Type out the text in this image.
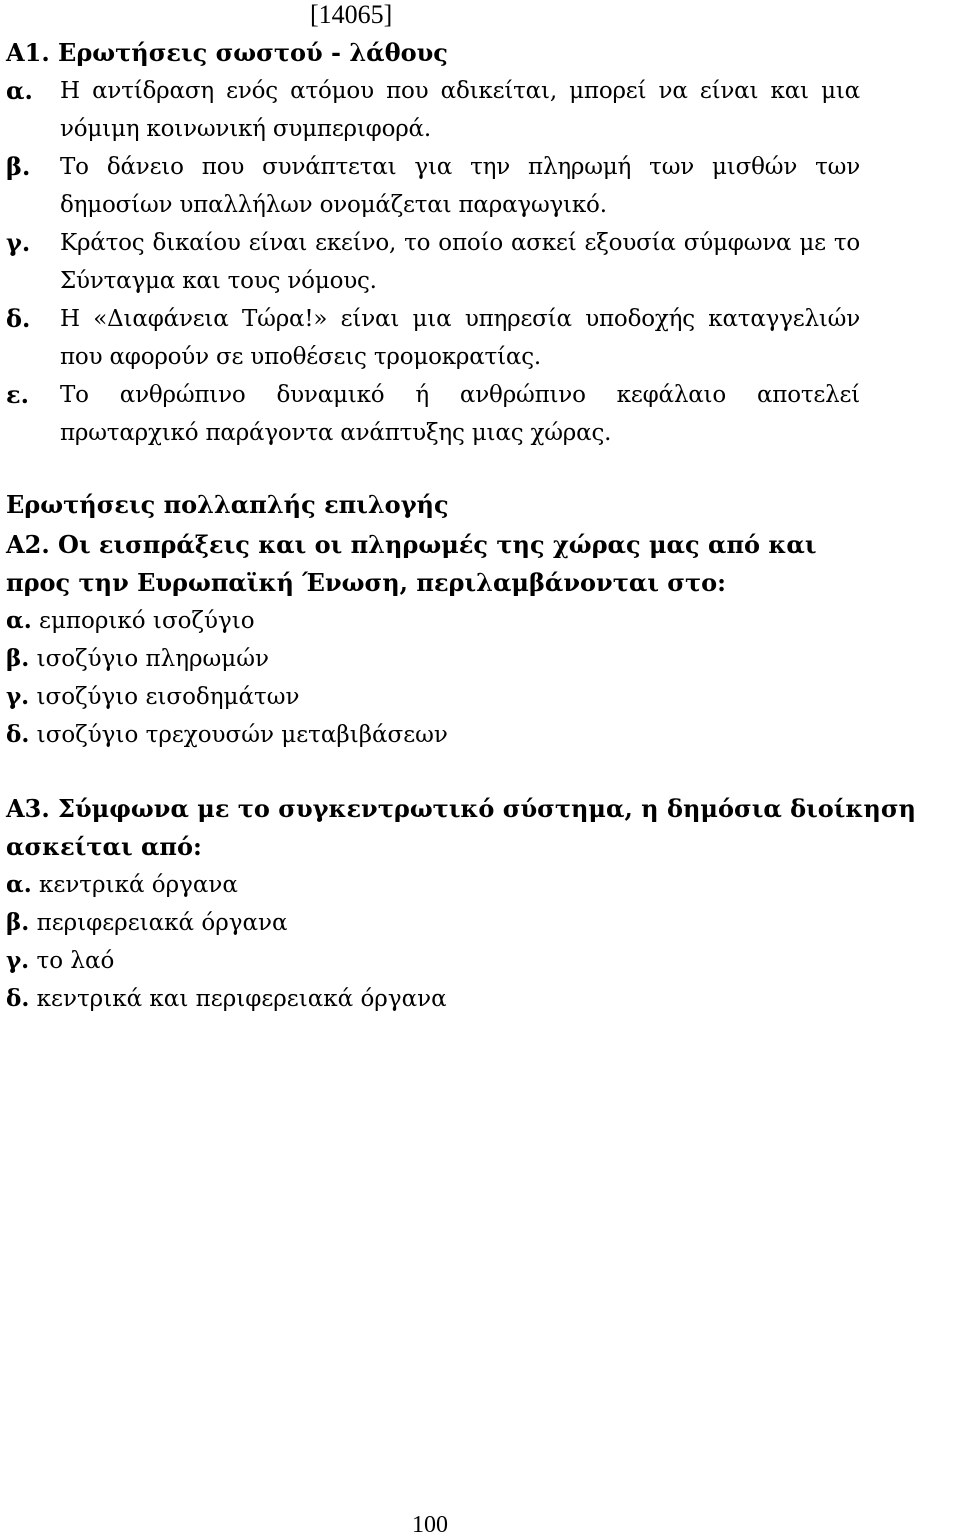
[14065]
Α1. Ερωτήσεις σωστού - λάθους
α. Η αντίδραση ενός ατόμου που αδικείται, μπορεί να είναι και μια νόμιμη κοινωνική συμπεριφορά.
β. Το δάνειο που συνάπτεται για την πληρωμή των μισθών των δημοσίων υπαλλήλων ονομάζεται παραγωγικό.
γ. Κράτος δικαίου είναι εκείνο, το οποίο ασκεί εξουσία σύμφωνα με το Σύνταγμα και τους νόμους.
δ. Η «Διαφάνεια Τώρα!» είναι μια υπηρεσία υποδοχής καταγγελιών που αφορούν σε υποθέσεις τρομοκρατίας.
ε. Το ανθρώπινο δυναμικό ή ανθρώπινο κεφάλαιο αποτελεί πρωταρχικό παράγοντα ανάπτυξης μιας χώρας.
Ερωτήσεις πολλαπλής επιλογής
Α2. Οι εισπράξεις και οι πληρωμές της χώρας μας από και προς την Ευρωπαϊκή Ένωση, περιλαμβάνονται στο:
α. εμπορικό ισοζύγιο
β. ισοζύγιο πληρωμών
γ. ισοζύγιο εισοδημάτων
δ. ισοζύγιο τρεχουσών μεταβιβάσεων
Α3. Σύμφωνα με το συγκεντρωτικό σύστημα, η δημόσια διοίκηση ασκείται από:
α. κεντρικά όργανα
β. περιφερειακά όργανα
γ. το λαό
δ. κεντρικά και περιφερειακά όργανα
100
